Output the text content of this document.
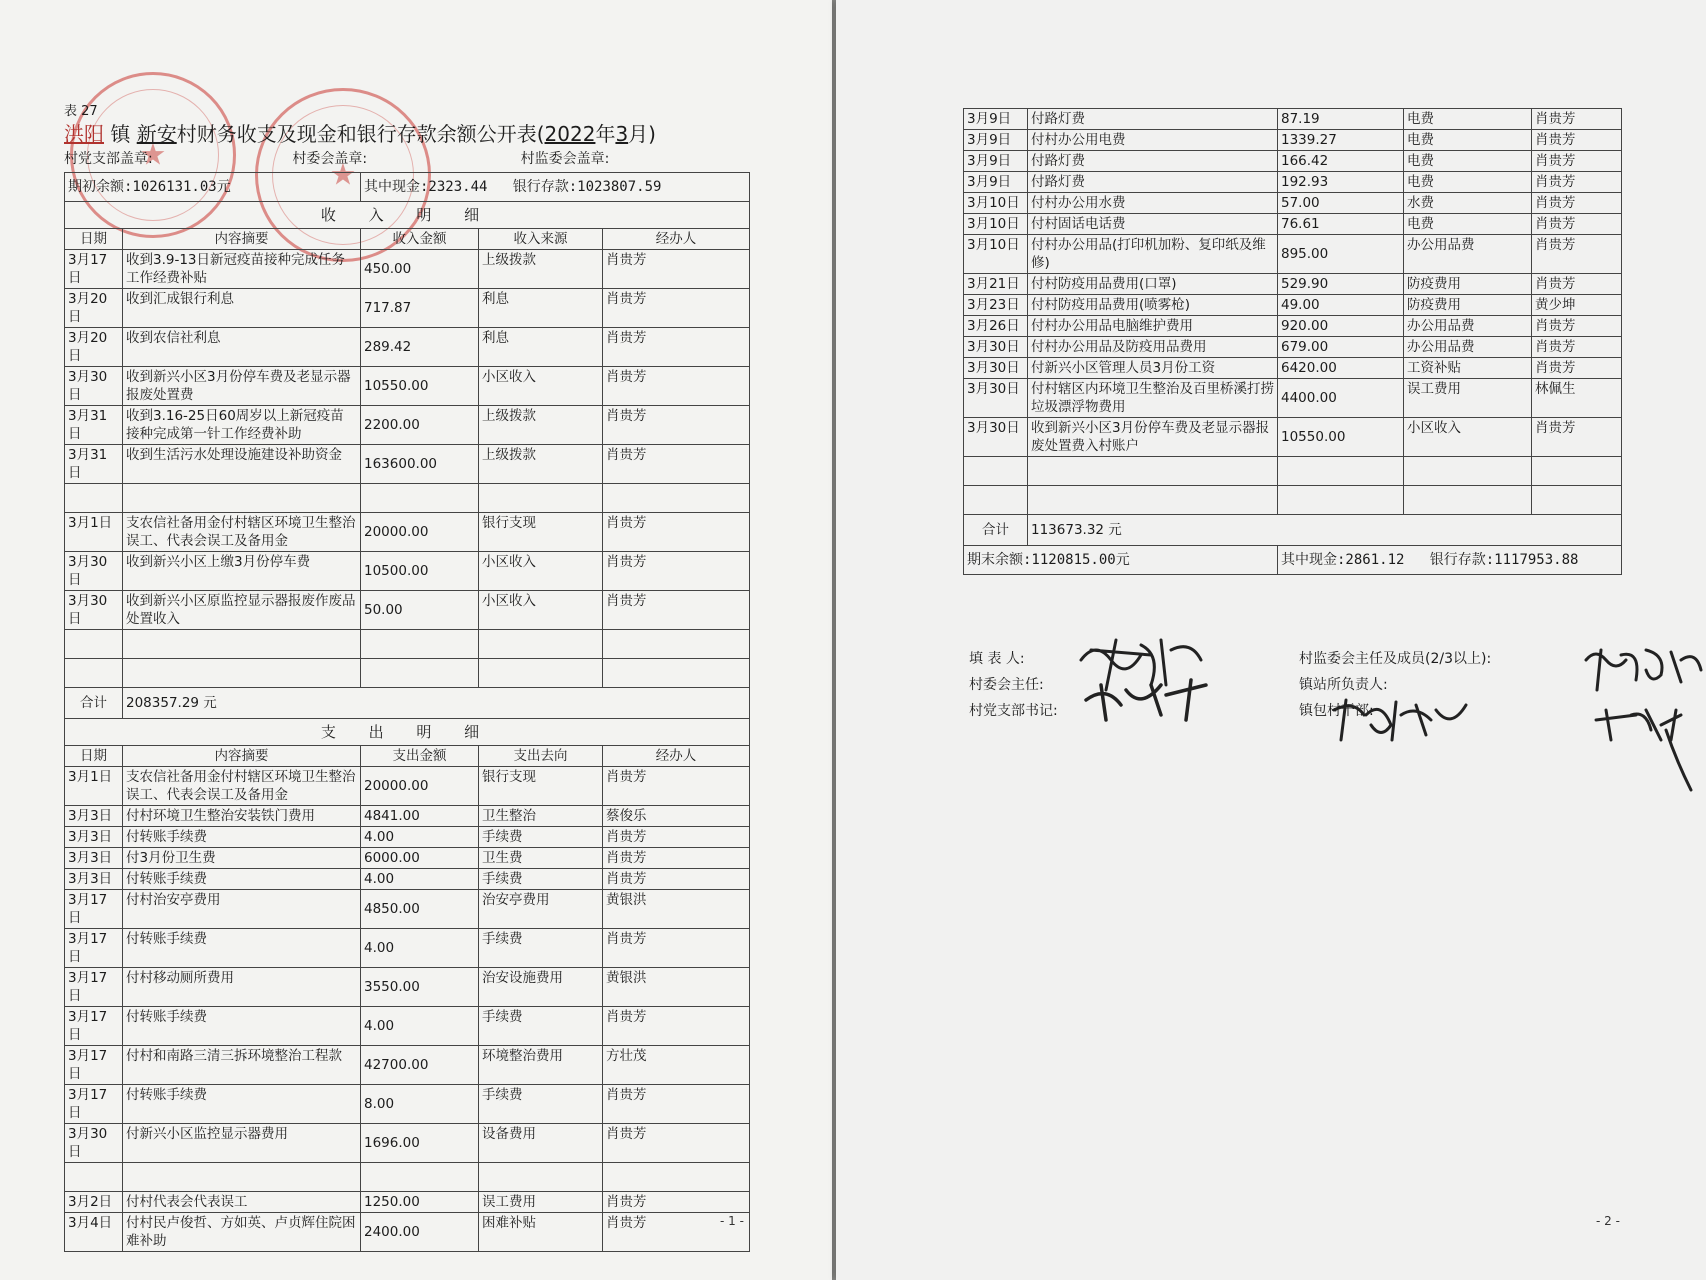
★
★
表 27
洪阳 镇 新安村财务收支及现金和银行存款余额公开表(2022年3月)
村党支部盖章:	村委会盖章:	村监委会盖章:
期初余额:1026131.03元		其中现金:2323.44 银行存款:1023807.59		
收 入 明 细				
日期	内容摘要	收入金额	收入来源	经办人
3月17日	收到3.9-13日新冠疫苗接种完成任务工作经费补贴	450.00	上级拨款	肖贵芳
3月20日	收到汇成银行利息	717.87	利息	肖贵芳
3月20日	收到农信社利息	289.42	利息	肖贵芳
3月30日	收到新兴小区3月份停车费及老显示器报废处置费	10550.00	小区收入	肖贵芳
3月31日	收到3.16-25日60周岁以上新冠疫苗接种完成第一针工作经费补助	2200.00	上级拨款	肖贵芳
3月31日	收到生活污水处理设施建设补助资金	163600.00	上级拨款	肖贵芳

3月1日	支农信社备用金付村辖区环境卫生整治误工、代表会误工及备用金	20000.00	银行支现	肖贵芳
3月30日	收到新兴小区上缴3月份停车费	10500.00	小区收入	肖贵芳
3月30日	收到新兴小区原监控显示器报废作废品处置收入	50.00	小区收入	肖贵芳

合计	208357.29 元			
支 出 明 细				
日期	内容摘要	支出金额	支出去向	经办人
3月1日	支农信社备用金付村辖区环境卫生整治误工、代表会误工及备用金	20000.00	银行支现	肖贵芳
3月3日	付村环境卫生整治安装铁门费用	4841.00	卫生整治	蔡俊乐
3月3日	付转账手续费	4.00	手续费	肖贵芳
3月3日	付3月份卫生费	6000.00	卫生费	肖贵芳
3月3日	付转账手续费	4.00	手续费	肖贵芳
3月17日	付村治安亭费用	4850.00	治安亭费用	黄银洪
3月17日	付转账手续费	4.00	手续费	肖贵芳
3月17日	付村移动厕所费用	3550.00	治安设施费用	黄银洪
3月17日	付转账手续费	4.00	手续费	肖贵芳
3月17日	付村和南路三清三拆环境整治工程款	42700.00	环境整治费用	方壮茂
3月17日	付转账手续费	8.00	手续费	肖贵芳
3月30日	付新兴小区监控显示器费用	1696.00	设备费用	肖贵芳

3月2日	付村代表会代表误工	1250.00	误工费用	肖贵芳
3月4日	付村民卢俊哲、方如英、卢贞辉住院困难补助	2400.00	困难补贴	肖贵芳	- 1 -
3月9日	付路灯费	87.19	电费	肖贵芳
3月9日	付村办公用电费	1339.27	电费	肖贵芳
3月9日	付路灯费	166.42	电费	肖贵芳
3月9日	付路灯费	192.93	电费	肖贵芳
3月10日	付村办公用水费	57.00	水费	肖贵芳
3月10日	付村固话电话费	76.61	电费	肖贵芳
3月10日	付村办公用品(打印机加粉、复印纸及维修)	895.00	办公用品费	肖贵芳
3月21日	付村防疫用品费用(口罩)	529.90	防疫费用	肖贵芳
3月23日	付村防疫用品费用(喷雾枪)	49.00	防疫费用	黄少坤
3月26日	付村办公用品电脑维护费用	920.00	办公用品费	肖贵芳
3月30日	付村办公用品及防疫用品费用	679.00	办公用品费	肖贵芳
3月30日	付新兴小区管理人员3月份工资	6420.00	工资补贴	肖贵芳
3月30日	付村辖区内环境卫生整治及百里桥溪打捞垃圾漂浮物费用	4400.00	误工费用	林佩生
3月30日	收到新兴小区3月份停车费及老显示器报废处置费入村账户	10550.00	小区收入	肖贵芳

合计	113673.32 元			
期末余额:1120815.00元		其中现金:2861.12 银行存款:1117953.88		
填 表 人:	村监委会主任及成员(2/3以上):
村委会主任:	镇站所负责人:
村党支部书记:	镇包村干部:
- 2 -
